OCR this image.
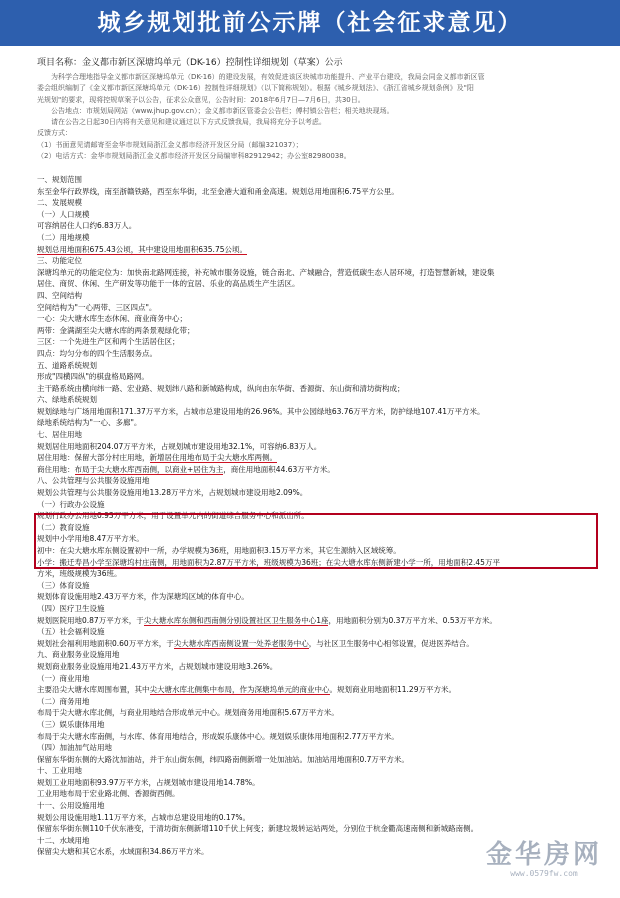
城乡规划批前公示牌（社会征求意见）
项目名称：金义都市新区深塘坞单元（DK-16）控制性详细规划（草案）公示
为科学合理地指导金义都市新区深塘坞单元（DK-16）的建设发展，有效促进该区块城市功能提升、产业平台建设，我局会同金义都市新区管
委会组织编制了《金义都市新区深塘坞单元（DK-16）控制性详细规划》（以下简称规划）。根据《城乡规划法》、《浙江省城乡规划条例》及"阳
光规划"的要求，现将控规草案予以公告，征求公众意见，公告时间：2018年6月7日—7月6日，共30日。
公告地点：市规划局网站（www.jhup.gov.cn）；金义都市新区管委会公告栏；傅村镇公告栏；相关地块现场。
请在公告之日起30日内将有关意见和建议通过以下方式反馈我局，我局将充分予以考虑。
反馈方式：
（1）书面意见请邮寄至金华市规划局浙江金义都市经济开发区分局（邮编321037）；
（2）电话方式：金华市规划局浙江金义都市经济开发区分局编审科82912942；办公室82980038。
一、规划范围
东至金华行政界线，南至浙赣铁路，西至东华街，北至金港大道和甬金高速。规划总用地面积6.75平方公里。
二、发展规模
（一）人口规模
可容纳居住人口约6.83万人。
（二）用地规模
规划总用地面积675.43公顷，其中建设用地面积635.75公顷。
三、功能定位
深塘坞单元的功能定位为：加快南北路网连接，补充城市服务设施，链合南北、产城融合，营造低碳生态人居环境，打造智慧新城，建设集
居住、商贸、休闲、生产研发等功能于一体的宜居、乐业的高品质生产生活区。
四、空间结构
空间结构为"一心两带、三区四点"。
一心：尖大塘水库生态休闲、商业商务中心；
两带：金满湖至尖大塘水库的两条景观绿化带；
三区：一个先进生产区和两个生活居住区；
四点：均匀分布的四个生活服务点。
五、道路系统规划
形成"四横四纵"的棋盘格局路网。
主干路系统由横向纬一路、宏业路、规划纬八路和新城路构成，纵向由东华街、香源街、东山街和清坊街构成；
六、绿地系统规划
规划绿地与广场用地面积171.37万平方米，占城市总建设用地的26.96%。其中公园绿地63.76万平方米，防护绿地107.41万平方米。
绿地系统结构为"一心、多廊"。
七、居住用地
规划居住用地面积204.07万平方米，占规划城市建设用地32.1%，可容纳6.83万人。
居住用地：保留大部分村庄用地，新增居住用地布局于尖大塘水库两侧。
商住用地：布局于尖大塘水库西南侧，以商业+居住为主，商住用地面积44.63万平方米。
八、公共管理与公共服务设施用地
规划公共管理与公共服务设施用地13.28万平方米，占规划城市建设用地2.09%。
（一）行政办公设施
规划行政办公用地0.93万平方米，用于设置单元内的街道综合服务中心和派出所。
（二）教育设施
规划中小学用地8.47万平方米。
初中：在尖大塘水库东侧设置初中一所，办学规模为36班，用地面积3.15万平方米，其它生源纳入区域统筹。
小学：搬迁寿昌小学至深塘坞村庄南侧，用地面积为2.87万平方米，班级规模为36班；在尖大塘水库东侧新建小学一所，用地面积2.45万平
方米，班级规模为36班。
（三）体育设施
规划体育设施用地2.43万平方米，作为深塘坞区域的体育中心。
（四）医疗卫生设施
规划医院用地0.87万平方米，于尖大塘水库东侧和西南侧分别设置社区卫生服务中心1座，用地面积分别为0.37万平方米、0.53万平方米。
（五）社会福利设施
规划社会福利用地面积0.60万平方米，于尖大塘水库西南侧设置一处养老服务中心，与社区卫生服务中心相邻设置，促进医养结合。
九、商业服务业设施用地
规划商业服务业设施用地21.43万平方米，占规划城市建设用地3.26%。
（一）商业用地
主要沿尖大塘水库周围布置，其中尖大塘水库北侧集中布局，作为深塘坞单元的商业中心。规划商业用地面积11.29万平方米。
（二）商务用地
布局于尖大塘水库北侧，与商业用地结合形成单元中心。规划商务用地面积5.67万平方米。
（三）娱乐康体用地
布局于尖大塘水库南侧，与水库、体育用地结合，形成娱乐康体中心。规划娱乐康体用地面积2.77万平方米。
（四）加油加气站用地
保留东华街东侧的大路沈加油站，并于东山街东侧，纬四路南侧新增一处加油站。加油站用地面积0.7万平方米。
十、工业用地
规划工业用地面积93.97万平方米，占规划城市建设用地14.78%。
工业用地布局于宏业路北侧、香源街西侧。
十一、公用设施用地
规划公用设施用地1.11万平方米，占城市总建设用地的0.17%。
保留东华街东侧110千伏东港变，于清坊街东侧新增110千伏上何变；新建垃圾转运站两处，分别位于杭金衢高速南侧和新城路南侧。
十二、水域用地
保留尖大塘和其它水系，水域面积34.86万平方米。	金华房网
www.0579fw.com
